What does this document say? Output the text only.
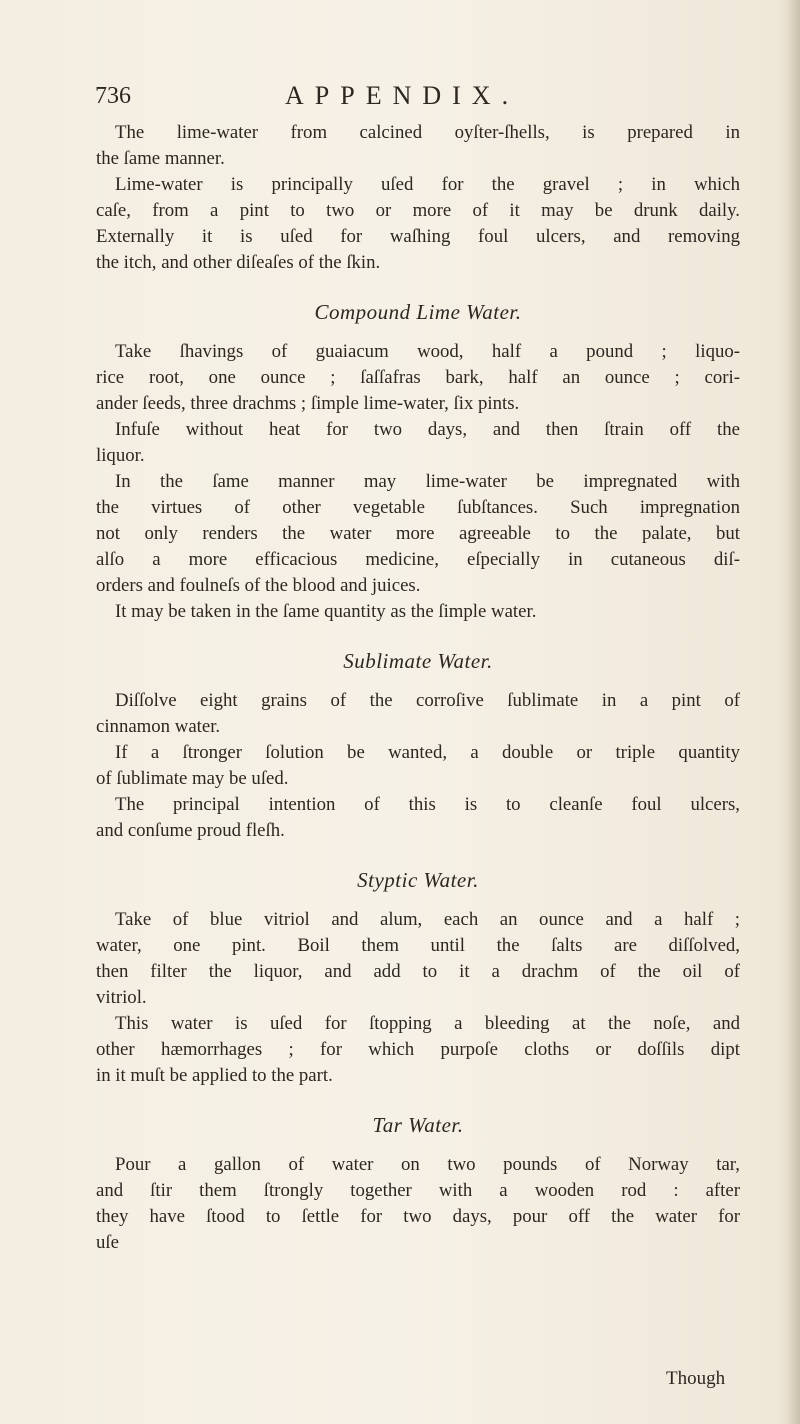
736	APPENDIX.
The lime-water from calcined oyſter-ſhells, is prepared in
the ſame manner.
Lime-water is principally uſed for the gravel ; in which
caſe, from a pint to two or more of it may be drunk daily.
Externally it is uſed for waſhing foul ulcers, and removing
the itch, and other diſeaſes of the ſkin.
Compound Lime Water.
Take ſhavings of guaiacum wood, half a pound ; liquo-
rice root, one ounce ; ſaſſafras bark, half an ounce ; cori-
ander ſeeds, three drachms ; ſimple lime-water, ſix pints.
Infuſe without heat for two days, and then ſtrain off the
liquor.
In the ſame manner may lime-water be impregnated with
the virtues of other vegetable ſubſtances. Such impregnation
not only renders the water more agreeable to the palate, but
alſo a more efficacious medicine, eſpecially in cutaneous diſ-
orders and foulneſs of the blood and juices.
It may be taken in the ſame quantity as the ſimple water.
Sublimate Water.
Diſſolve eight grains of the corroſive ſublimate in a pint of
cinnamon water.
If a ſtronger ſolution be wanted, a double or triple quantity
of ſublimate may be uſed.
The principal intention of this is to cleanſe foul ulcers,
and conſume proud fleſh.
Styptic Water.
Take of blue vitriol and alum, each an ounce and a half ;
water, one pint. Boil them until the ſalts are diſſolved,
then filter the liquor, and add to it a drachm of the oil of
vitriol.
This water is uſed for ſtopping a bleeding at the noſe, and
other hæmorrhages ; for which purpoſe cloths or doſſils dipt
in it muſt be applied to the part.
Tar Water.
Pour a gallon of water on two pounds of Norway tar,
and ſtir them ſtrongly together with a wooden rod : after
they have ſtood to ſettle for two days, pour off the water for
uſe
Though
